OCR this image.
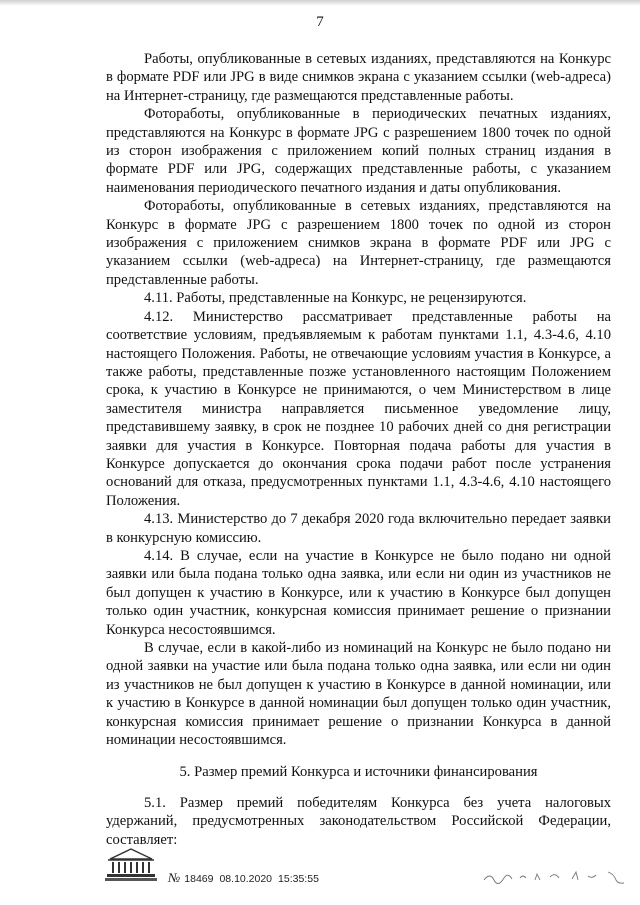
7

Работы, опубликованные в сетевых изданиях, представляются на Конкурс в формате PDF или JPG в виде снимков экрана с указанием ссылки (web-адреса) на Интернет-страницу, где размещаются представленные работы.

Фоторaботы, опубликованные в периодических печатных изданиях, представляются на Конкурс в формате JPG с разрешением 1800 точек по одной из сторон изображения с приложением копий полных страниц издания в формате PDF или JPG, содержащих представленные работы, с указанием наименования периодического печатного издания и даты опубликования.

Фоторaботы, опубликованные в сетевых изданиях, представляются на Конкурс в формате JPG с разрешением 1800 точек по одной из сторон изображения с приложением снимков экрана в формате PDF или JPG с указанием ссылки (web-адреса) на Интернет-страницу, где размещаются представленные работы.

4.11. Работы, представленные на Конкурс, не рецензируются.

4.12. Министерство рассматривает представленные работы на соответствие условиям, предъявляемым к работам пунктами 1.1, 4.3-4.6, 4.10 настоящего Положения. Работы, не отвечающие условиям участия в Конкурсе, а также работы, представленные позже установленного настоящим Положением срока, к участию в Конкурсе не принимаются, о чем Министерством в лице заместителя министра направляется письменное уведомление лицу, представившему заявку, в срок не позднее 10 рабочих дней со дня регистрации заявки для участия в Конкурсе. Повторная подача работы для участия в Конкурсе допускается до окончания срока подачи работ после устранения оснований для отказа, предусмотренных пунктами 1.1, 4.3-4.6, 4.10 настоящего Положения.

4.13. Министерство до 7 декабря 2020 года включительно передает заявки в конкурсную комиссию.

4.14. В случае, если на участие в Конкурсе не было подано ни одной заявки или была подана только одна заявка, или если ни один из участников не был допущен к участию в Конкурсе, или к участию в Конкурсе был допущен только один участник, конкурсная комиссия принимает решение о признании Конкурса несостоявшимся.

В случае, если в какой-либо из номинаций на Конкурс не было подано ни одной заявки на участие или была подана только одна заявка, или если ни один из участников не был допущен к участию в Конкурсе в данной номинации, или к участию в Конкурсе в данной номинации был допущен только один участник, конкурсная комиссия принимает решение о признании Конкурса в данной номинации несостоявшимся.

5. Размер премий Конкурса и источники финансирования

5.1. Размер премий победителям Конкурса без учета налоговых удержаний, предусмотренных законодательством Российской Федерации, составляет:

№ 18469 08.10.2020 15:35:55
